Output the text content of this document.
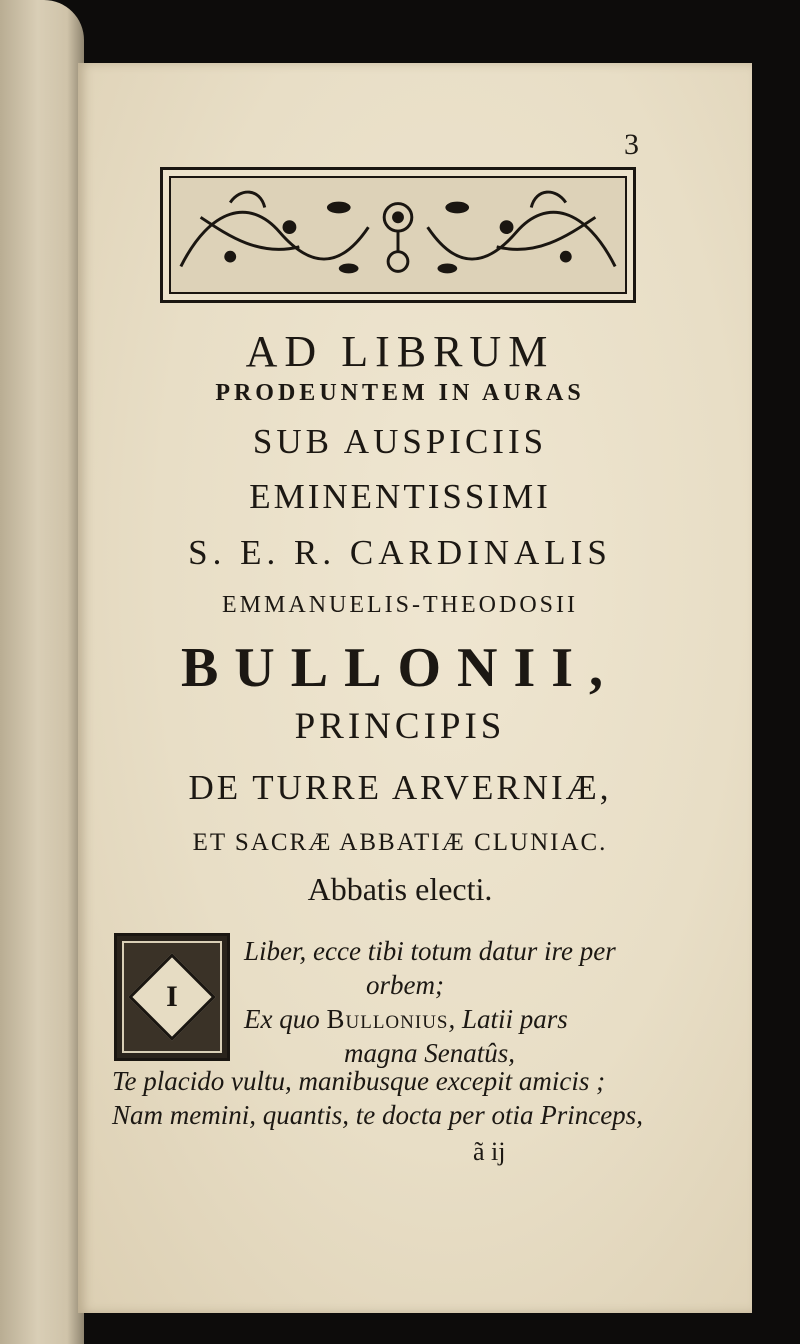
3
AD LIBRUM
PRODEUNTEM IN AURAS
SUB AUSPICIIS
EMINENTISSIMI
S. E. R. CARDINALIS
EMMANUELIS-THEODOSII
BULLONII,
PRINCIPIS
DE TURRE ARVERNIÆ,
ET SACRÆ ABBATIÆ CLUNIAC.
Abbatis electi.
I
Liber, ecce tibi totum datur ire per
orbem;
Ex quo Bullonius, Latii pars
magna Senatûs,
Te placido vultu, manibusque excepit amicis ;
Nam memini, quantis, te docta per otia Princeps,
ã ij
